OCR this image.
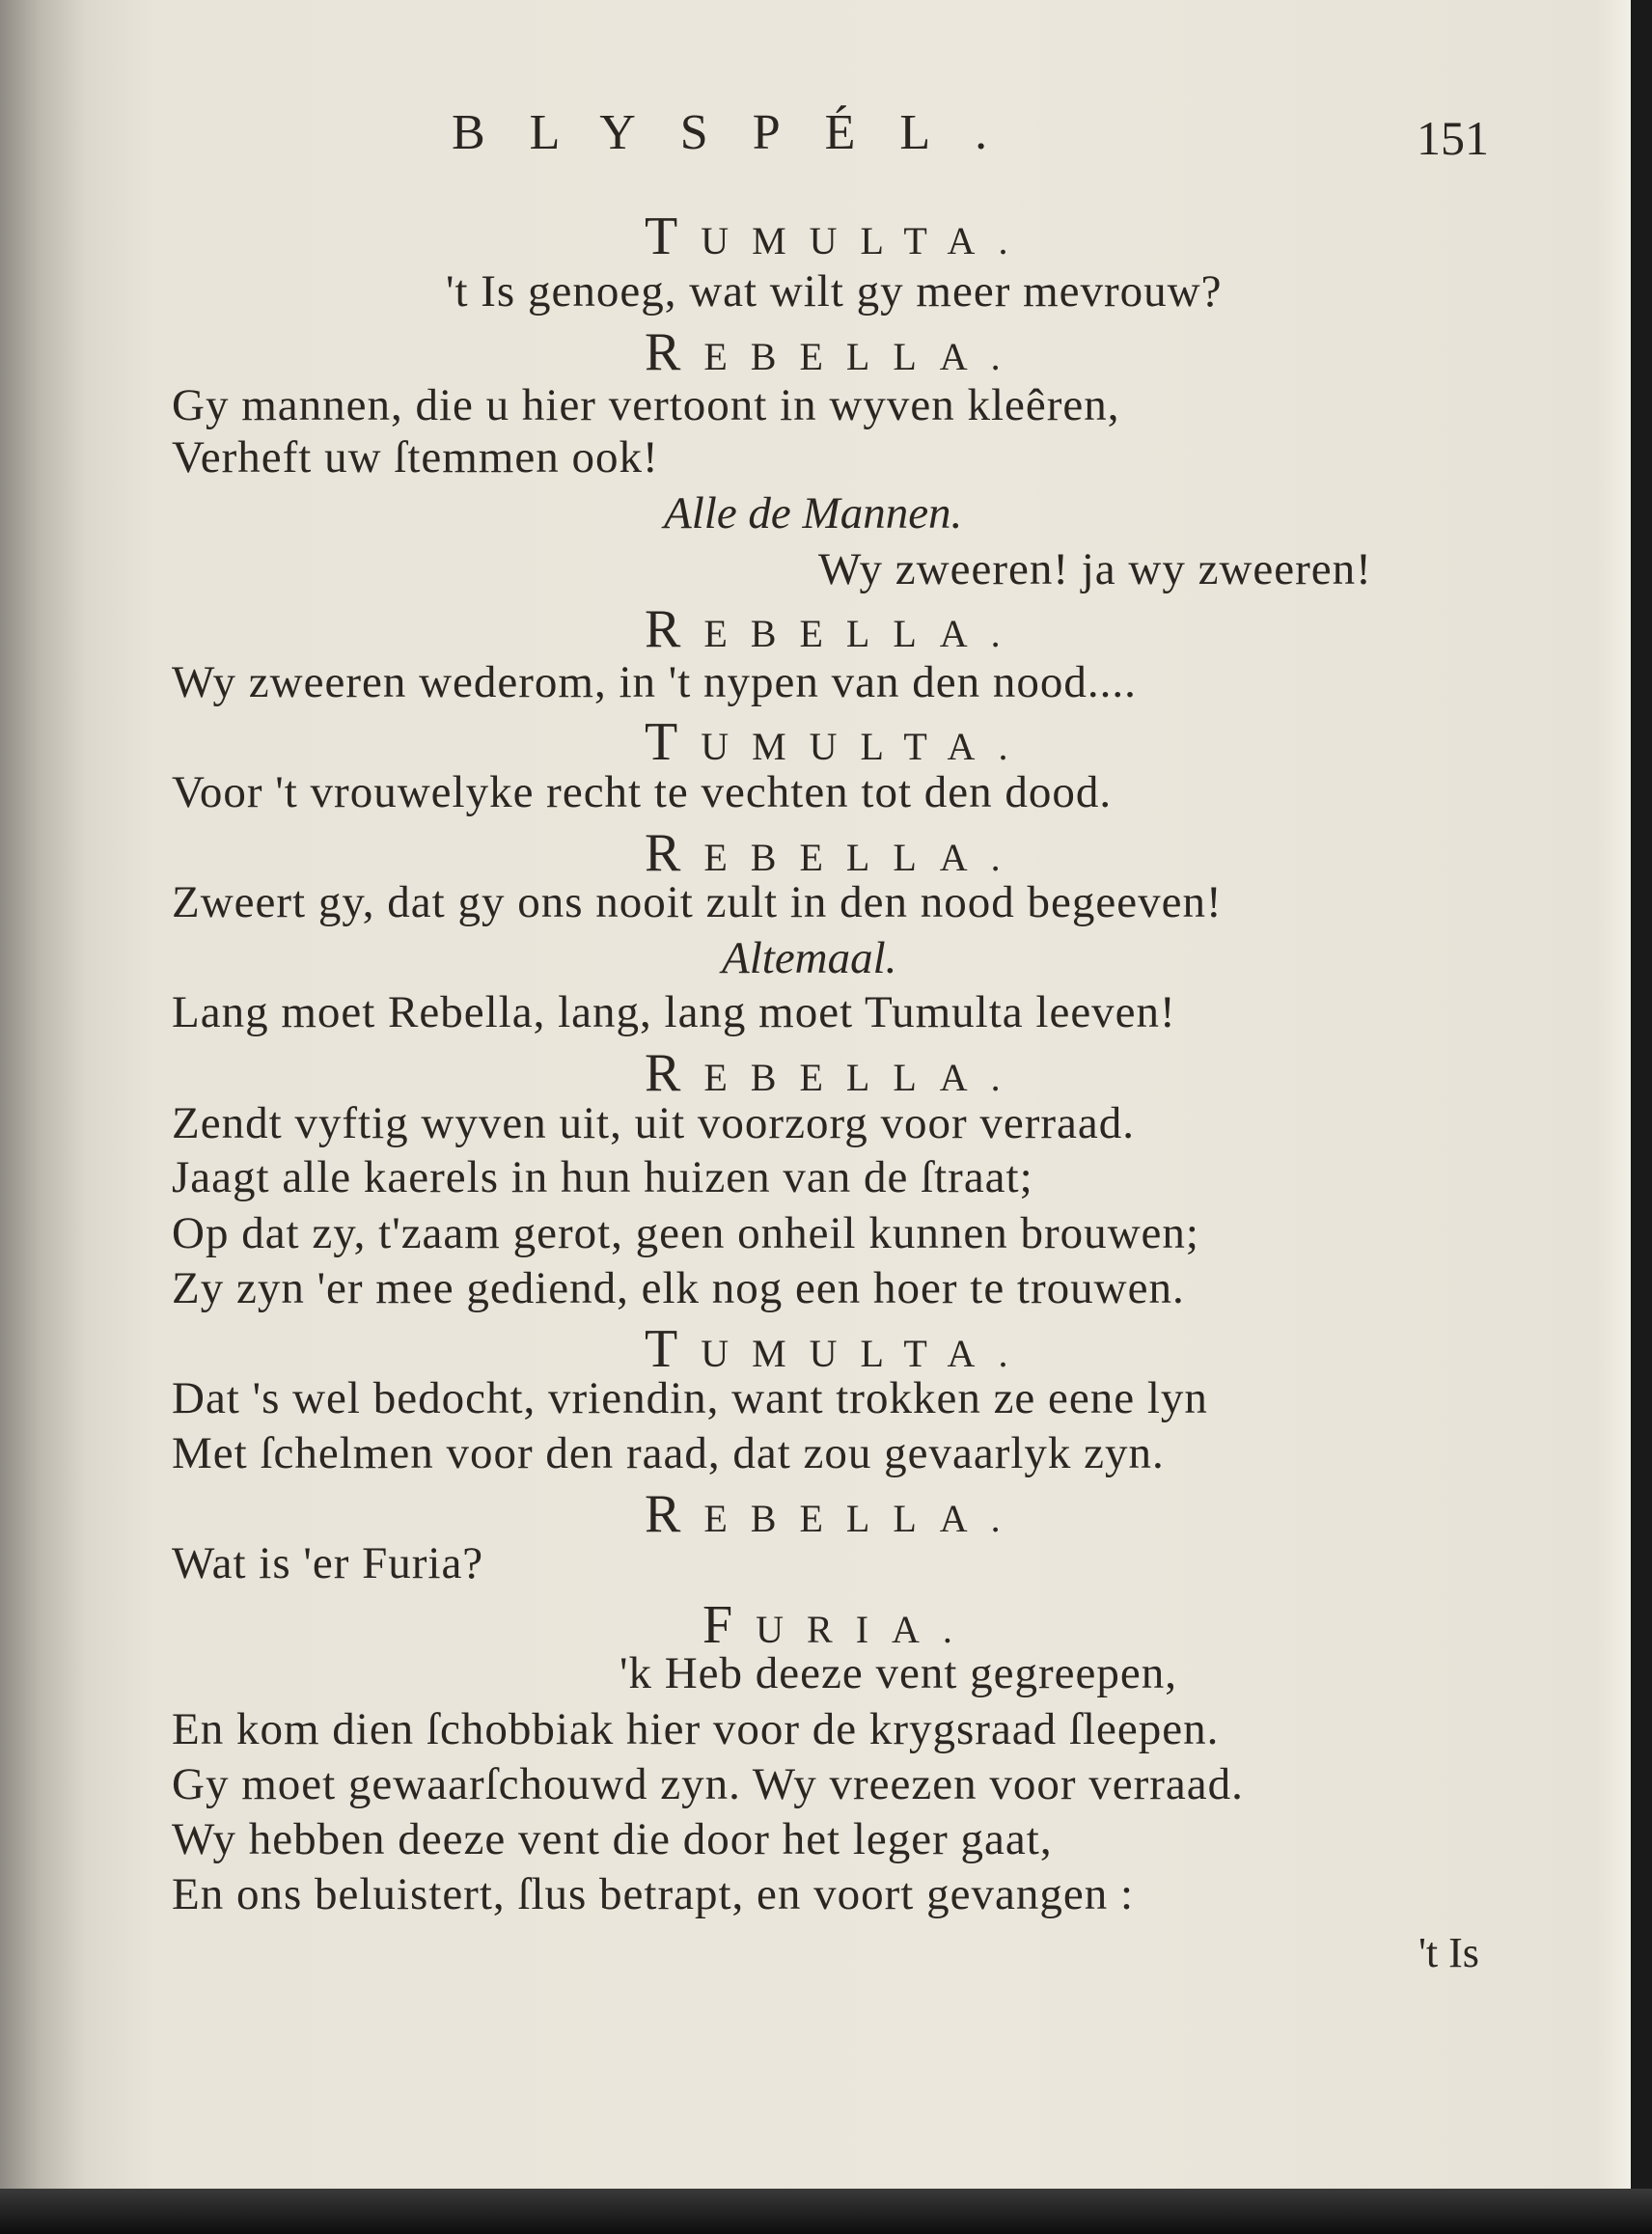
BLYSPÉL.	151
TUMULTA.
't Is genoeg, wat wilt gy meer mevrouw?
REBELLA.
Gy mannen, die u hier vertoont in wyven kleêren,
Verheft uw ſtemmen ook!
Alle de Mannen.
Wy zweeren! ja wy zweeren!
REBELLA.
Wy zweeren wederom, in 't nypen van den nood....
TUMULTA.
Voor 't vrouwelyke recht te vechten tot den dood.
REBELLA.
Zweert gy, dat gy ons nooit zult in den nood begeeven!
Altemaal.
Lang moet Rebella, lang, lang moet Tumulta leeven!
REBELLA.
Zendt vyftig wyven uit, uit voorzorg voor verraad.
Jaagt alle kaerels in hun huizen van de ſtraat;
Op dat zy, t'zaam gerot, geen onheil kunnen brouwen;
Zy zyn 'er mee gediend, elk nog een hoer te trouwen.
TUMULTA.
Dat 's wel bedocht, vriendin, want trokken ze eene lyn
Met ſchelmen voor den raad, dat zou gevaarlyk zyn.
REBELLA.
Wat is 'er Furia?
FURIA.
'k Heb deeze vent gegreepen,
En kom dien ſchobbiak hier voor de krygsraad ſleepen.
Gy moet gewaarſchouwd zyn. Wy vreezen voor verraad.
Wy hebben deeze vent die door het leger gaat,
En ons beluistert, ſlus betrapt, en voort gevangen :
't Is
